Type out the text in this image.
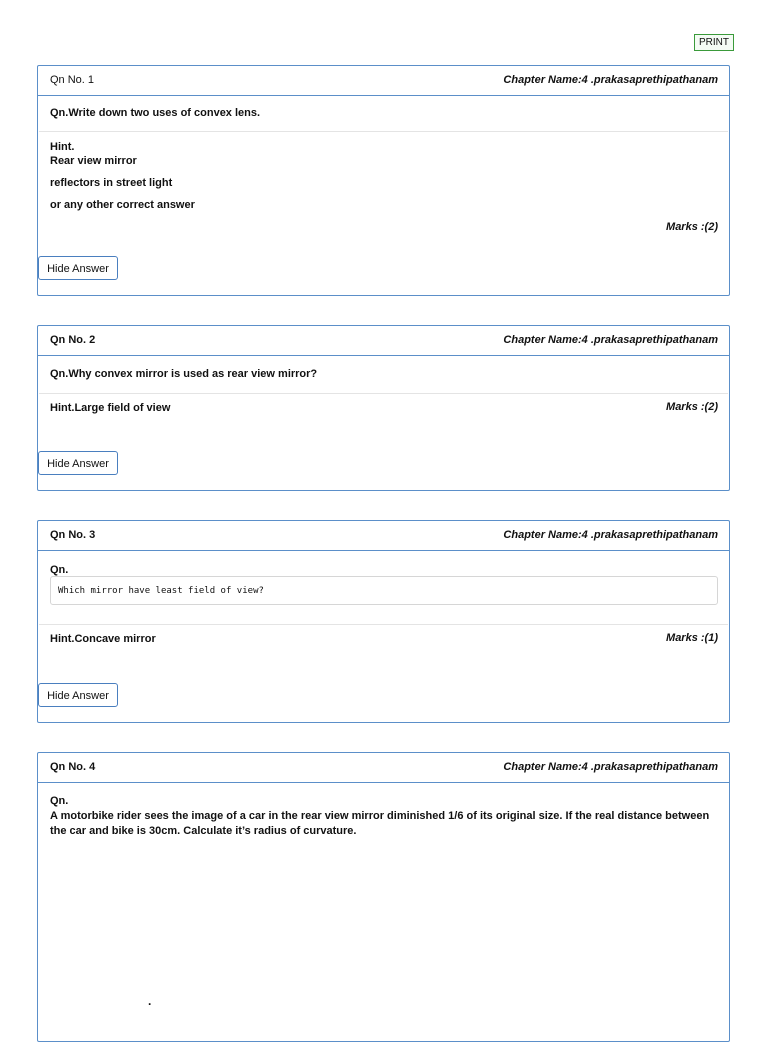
PRINT
Qn No. 1	Chapter Name:4 .prakasaprethipathanam
Qn.Write down two uses of convex lens.
Hint.
Rear view mirror
reflectors in street light
or any other correct answer
Marks :(2)
Hide Answer
Qn No. 2	Chapter Name:4 .prakasaprethipathanam
Qn.Why convex mirror is used as rear view mirror?
Hint.Large field of view	Marks :(2)
Hide Answer
Qn No. 3	Chapter Name:4 .prakasaprethipathanam
Qn.
Which mirror have least field of view?
Hint.Concave mirror	Marks :(1)
Hide Answer
Qn No. 4	Chapter Name:4 .prakasaprethipathanam
Qn.
A motorbike rider sees the image of a car in the rear view mirror diminished 1/6 of its original size. If the real distance between the car and bike is 30cm. Calculate it’s radius of curvature.
.
